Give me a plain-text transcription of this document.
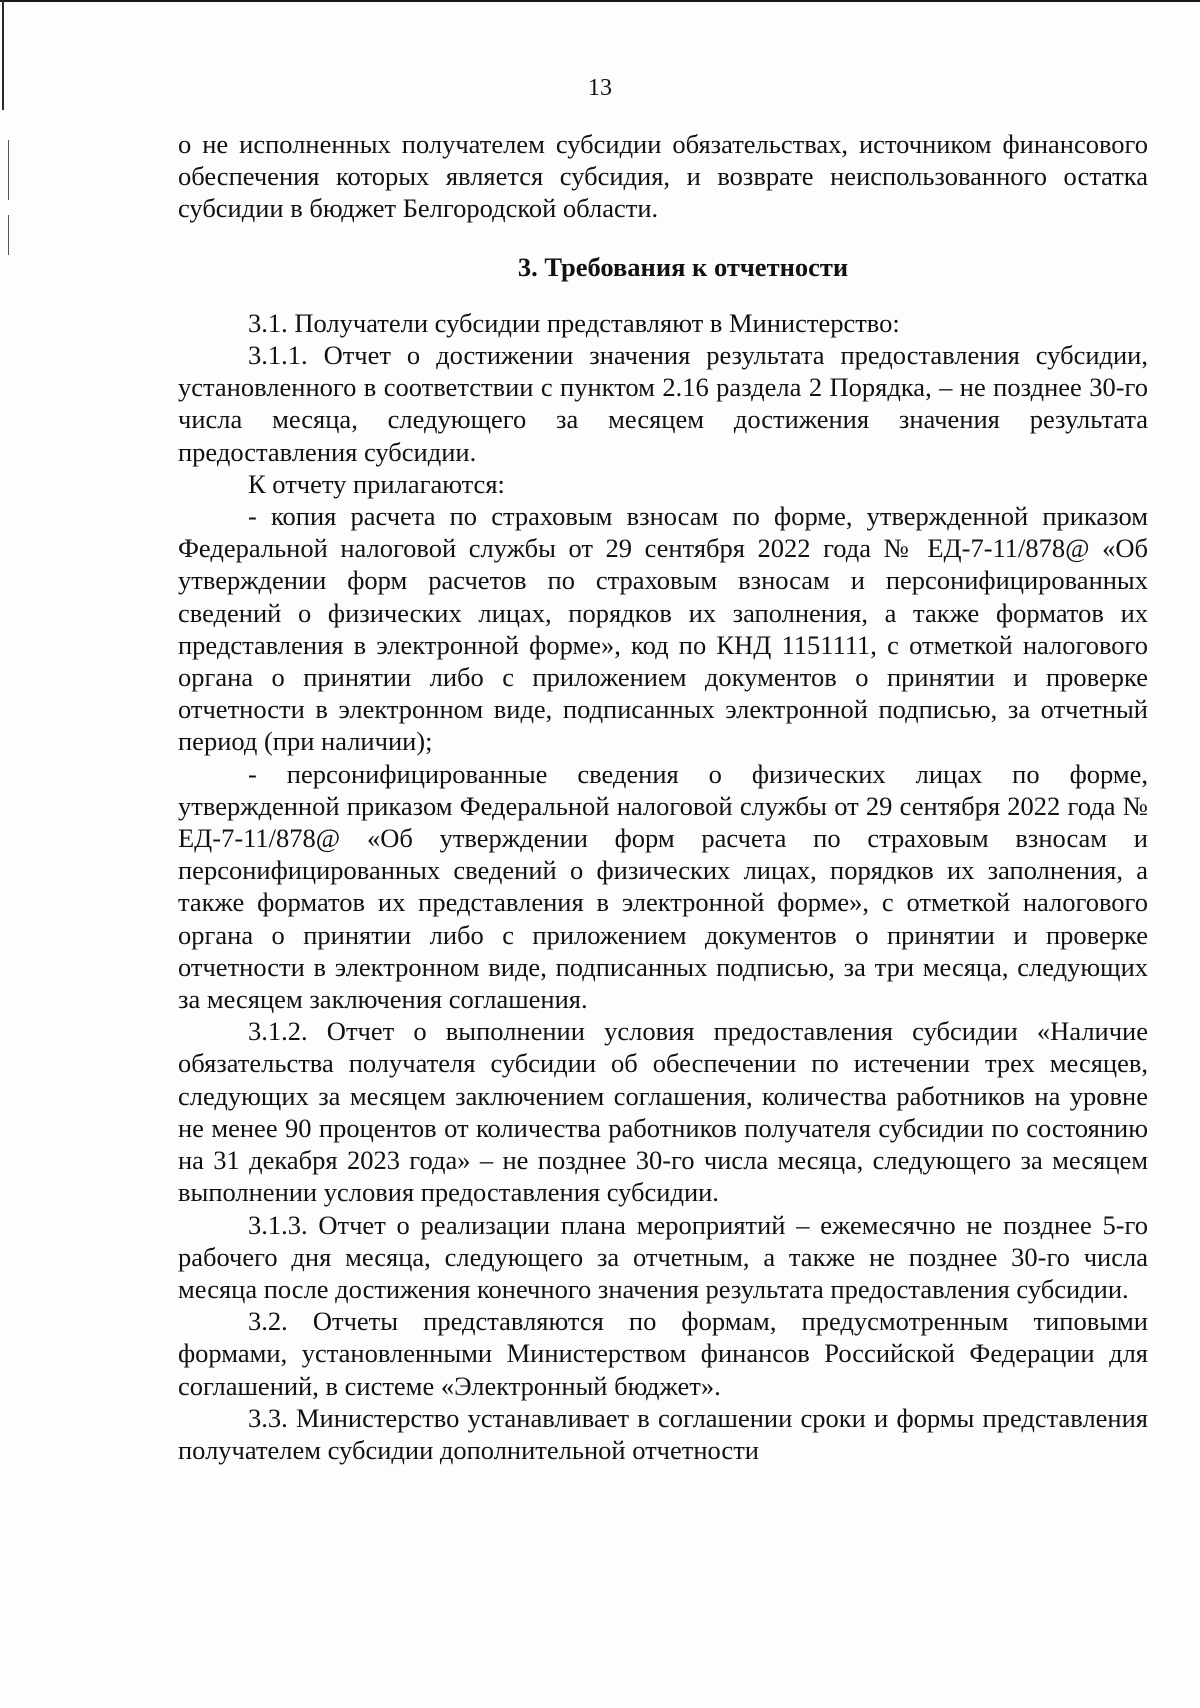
13

о не исполненных получателем субсидии обязательствах, источником финансового обеспечения которых является субсидия, и возврате неиспользованного остатка субсидии в бюджет Белгородской области.

3. Требования к отчетности

3.1. Получатели субсидии представляют в Министерство:

3.1.1. Отчет о достижении значения результата предоставления субсидии, установленного в соответствии с пунктом 2.16 раздела 2 Порядка, – не позднее 30-го числа месяца, следующего за месяцем достижения значения результата предоставления субсидии.

К отчету прилагаются:

- копия расчета по страховым взносам по форме, утвержденной приказом Федеральной налоговой службы от 29 сентября 2022 года № ЕД-7-11/878@ «Об утверждении форм расчетов по страховым взносам и персонифицированных сведений о физических лицах, порядков их заполнения, а также форматов их представления в электронной форме», код по КНД 1151111, с отметкой налогового органа о принятии либо с приложением документов о принятии и проверке отчетности в электронном виде, подписанных электронной подписью, за отчетный период (при наличии);

- персонифицированные сведения о физических лицах по форме, утвержденной приказом Федеральной налоговой службы от 29 сентября 2022 года № ЕД-7-11/878@ «Об утверждении форм расчета по страховым взносам и персонифицированных сведений о физических лицах, порядков их заполнения, а также форматов их представления в электронной форме», с отметкой налогового органа о принятии либо с приложением документов о принятии и проверке отчетности в электронном виде, подписанных подписью, за три месяца, следующих за месяцем заключения соглашения.

3.1.2. Отчет о выполнении условия предоставления субсидии «Наличие обязательства получателя субсидии об обеспечении по истечении трех месяцев, следующих за месяцем заключением соглашения, количества работников на уровне не менее 90 процентов от количества работников получателя субсидии по состоянию на 31 декабря 2023 года» – не позднее 30-го числа месяца, следующего за месяцем выполнении условия предоставления субсидии.

3.1.3. Отчет о реализации плана мероприятий – ежемесячно не позднее 5-го рабочего дня месяца, следующего за отчетным, а также не позднее 30-го числа месяца после достижения конечного значения результата предоставления субсидии.

3.2. Отчеты представляются по формам, предусмотренным типовыми формами, установленными Министерством финансов Российской Федерации для соглашений, в системе «Электронный бюджет».

3.3. Министерство устанавливает в соглашении сроки и формы представления получателем субсидии дополнительной отчетности
